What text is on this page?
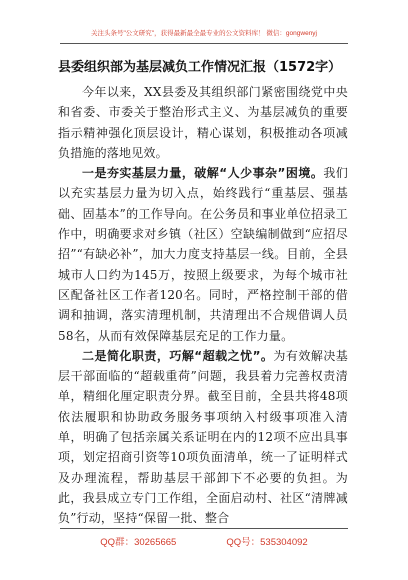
关注头条号"公文研究"，获得最新最全最专业的公文资料库！ 微信：gongwenyj
县委组织部为基层减负工作情况汇报（1572字）

今年以来，XX县委及其组织部门紧密围绕党中央和省委、市委关于整治形式主义、为基层减负的重要指示精神强化顶层设计，精心谋划，积极推动各项减负措施的落地见效。

一是夯实基层力量，破解“人少事杂”困境。我们以充实基层力量为切入点，始终践行“重基层、强基础、固基本”的工作导向。在公务员和事业单位招录工作中，明确要求对乡镇（社区）空缺编制做到“应招尽招”“有缺必补”，加大力度支持基层一线。目前，全县城市人口约为145万，按照上级要求，为每个城市社区配备社区工作者120名。同时，严格控制干部的借调和抽调，落实清理机制，共清理出不合规借调人员58名，从而有效保障基层充足的工作力量。

二是简化职责，巧解“超载之忧”。为有效解决基层干部面临的“超载重荷”问题，我县着力完善权责清单，精细化厘定职责分界。截至目前，全县共将48项依法履职和协助政务服务事项纳入村级事项准入清单，明确了包括亲属关系证明在内的12项不应出具事项，划定招商引资等10项负面清单，统一了证明样式及办理流程，帮助基层干部卸下不必要的负担。为此，我县成立专门工作组，全面启动村、社区“清牌减负”行动，坚持“保留一批、整合

QQ群：30265665	QQ号：535304092
